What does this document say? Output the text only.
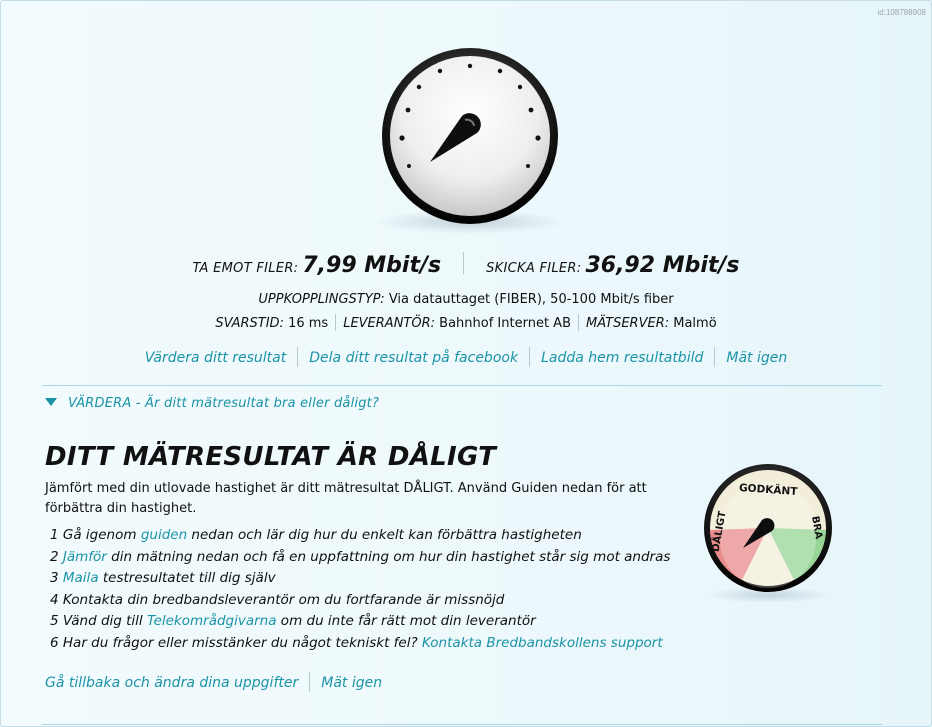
id:108788908
TA EMOT FILER: 7,99 Mbit/s	SKICKA FILER: 36,92 Mbit/s
UPPKOPPLINGSTYP: Via datauttaget (FIBER), 50-100 Mbit/s fiber
SVARSTID: 16 ms LEVERANTÖR: Bahnhof Internet AB MÄTSERVER: Malmö
Värdera ditt resultat Dela ditt resultat på facebook Ladda hem resultatbild Mät igen
VÄRDERA - Är ditt mätresultat bra eller dåligt?
DITT MÄTRESULTAT ÄR DÅLIGT
Jämfört med din utlovade hastighet är ditt mätresultat DÅLIGT. Använd Guiden nedan för att förbättra din hastighet.
1 Gå igenom guiden nedan och lär dig hur du enkelt kan förbättra hastigheten
2 Jämför din mätning nedan och få en uppfattning om hur din hastighet står sig mot andras
3 Maila testresultatet till dig själv
4 Kontakta din bredbandsleverantör om du fortfarande är missnöjd
5 Vänd dig till Telekområdgivarna om du inte får rätt mot din leverantör
6 Har du frågor eller misstänker du något tekniskt fel? Kontakta Bredbandskollens support
GODKÄNT
DÅLIGT	BRA
Gå tillbaka och ändra dina uppgifter Mät igen
